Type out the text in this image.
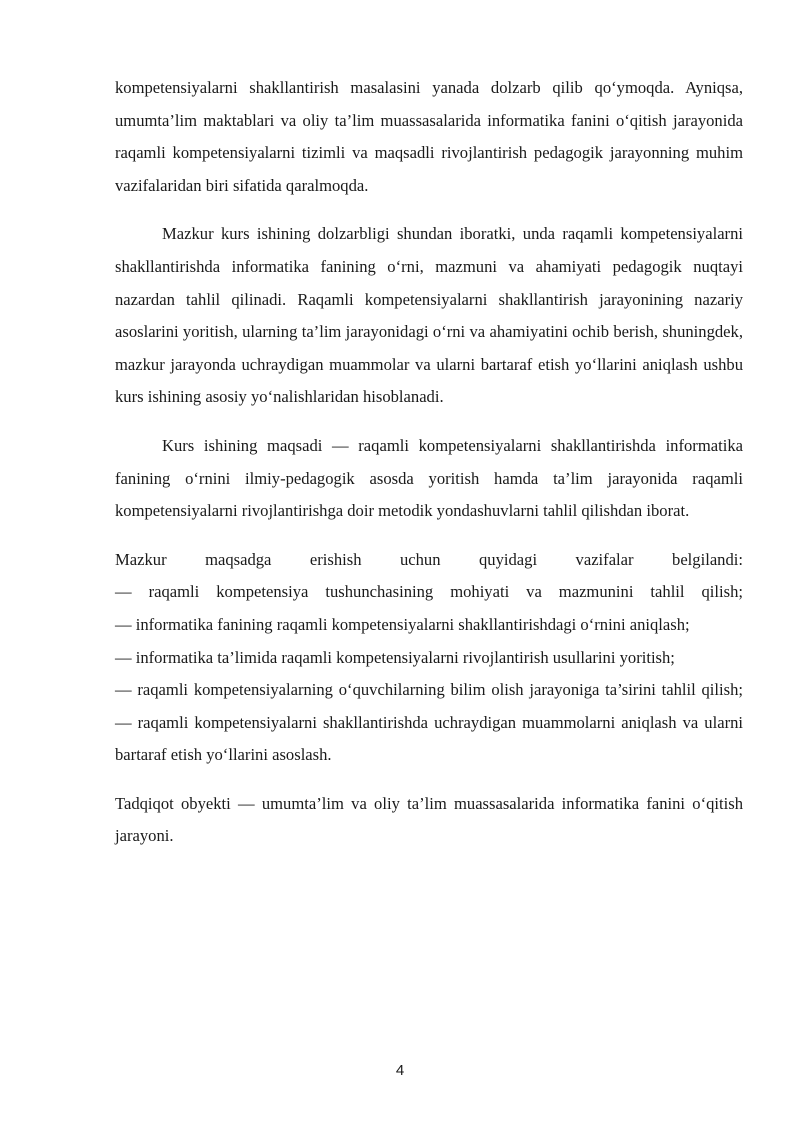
kompetensiyalarni shakllantirish masalasini yanada dolzarb qilib qo‘ymoqda. Ayniqsa, umumta’lim maktablari va oliy ta’lim muassasalarida informatika fanini o‘qitish jarayonida raqamli kompetensiyalarni tizimli va maqsadli rivojlantirish pedagogik jarayonning muhim vazifalaridan biri sifatida qaralmoqda.

Mazkur kurs ishining dolzarbligi shundan iboratki, unda raqamli kompetensiyalarni shakllantirishda informatika fanining o‘rni, mazmuni va ahamiyati pedagogik nuqtayi nazardan tahlil qilinadi. Raqamli kompetensiyalarni shakllantirish jarayonining nazariy asoslarini yoritish, ularning ta’lim jarayonidagi o‘rni va ahamiyatini ochib berish, shuningdek, mazkur jarayonda uchraydigan muammolar va ularni bartaraf etish yo‘llarini aniqlash ushbu kurs ishining asosiy yo‘nalishlaridan hisoblanadi.

Kurs ishining maqsadi — raqamli kompetensiyalarni shakllantirishda informatika fanining o‘rnini ilmiy-pedagogik asosda yoritish hamda ta’lim jarayonida raqamli kompetensiyalarni rivojlantirishga doir metodik yondashuvlarni tahlil qilishdan iborat.

Mazkur maqsadga erishish uchun quyidagi vazifalar belgilandi:

— raqamli kompetensiya tushunchasining mohiyati va mazmunini tahlil qilish;

— informatika fanining raqamli kompetensiyalarni shakllantirishdagi o‘rnini aniqlash;

— informatika ta’limida raqamli kompetensiyalarni rivojlantirish usullarini yoritish;

— raqamli kompetensiyalarning o‘quvchilarning bilim olish jarayoniga ta’sirini tahlil qilish;

— raqamli kompetensiyalarni shakllantirishda uchraydigan muammolarni aniqlash va ularni bartaraf etish yo‘llarini asoslash.

Tadqiqot obyekti — umumta’lim va oliy ta’lim muassasalarida informatika fanini o‘qitish jarayoni.

4
